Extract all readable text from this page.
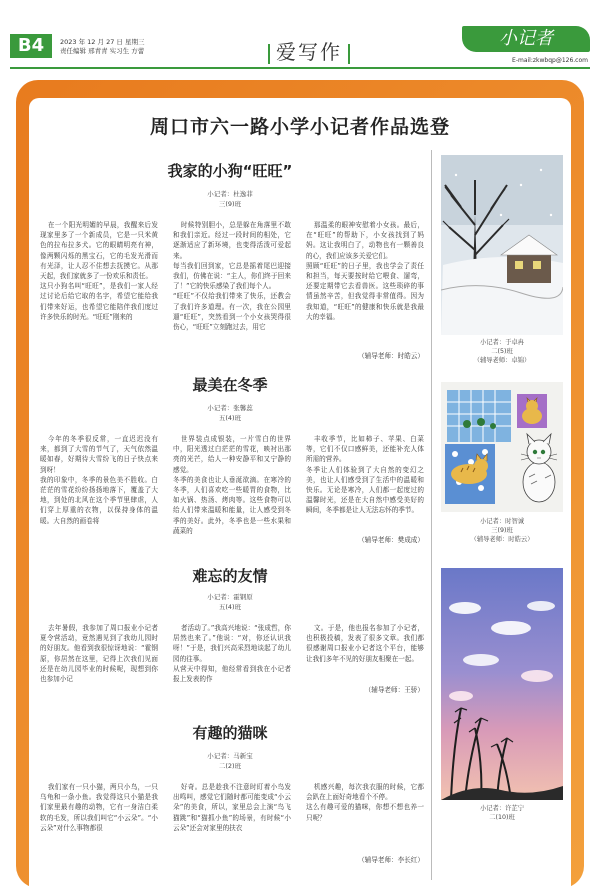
B4	2023 年 12 月 27 日 星期三
责任编辑 邢青青 实习生 方蕾	爱写作
小记者
E-mail:zkwbqp@126.com
周口市六一路小学小记者作品选登
我家的小狗“旺旺”
小记者：杜逸菲
三(9)班
在一个阳光明媚的早晨，我醒来后发现家里多了一个新成员，它是一只米黄色的拉布拉多犬。它的眼睛明亮有神，像两颗闪烁的黑宝石，它的毛发光滑而有光泽，让人忍不住想去抚摸它。从那天起，我们家就多了一份欢乐和责任。
这只小狗名叫“旺旺”，是我们一家人经过讨论后给它取的名字，希望它能给我们带来好运，也希望它能陪伴我们度过许多快乐的时光。“旺旺”刚来的
时候特别胆小，总是躲在角落里不敢和我们亲近。经过一段时间的相处，它逐渐适应了新环境，也变得活泼可爱起来。
每当我们回到家，它总是摇着尾巴迎接我们，仿佛在说：“主人，你们终于回来了！”它的快乐感染了我们每个人。
“旺旺”不仅给我们带来了快乐，还教会了我们许多道理。有一次，我在公园里遛“旺旺”，突然看到一个小女孩哭得很伤心，“旺旺”立刻跑过去，用它
那温柔的眼神安慰着小女孩。最后，在“旺旺”的帮助下，小女孩找到了妈妈。这让我明白了，动物也有一颗善良的心，我们应该多关爱它们。
照顾“旺旺”的日子里，我也学会了责任和担当，每天要按时给它喂食、遛弯，还要定期带它去看兽医。这些琐碎的事情虽然辛苦，但我觉得非常值得。因为我知道，“旺旺”的健康和快乐就是我最大的幸福。
（辅导老师：时皓云）
最美在冬季
小记者：张馨蕊
五(4)班
今年的冬季很反常，一直迟迟没有来，都到了大雪的节气了，天气依然温暖如春，好期待大雪纷飞的日子快点来到呀！
我的印象中，冬季的景色美不胜收。白茫茫的雪花纷纷扬扬地落下，覆盖了大地，到处的北风在这个季节里肆虐，人们穿上厚重的衣物，以保持身体的温暖。大自然的画卷将
世界装点成银装，一片雪白的世界中，阳光透过白茫茫的雪花，映衬出那亮的光芒，给人一种安静平和又宁静的感觉。
冬季的美食也让人垂涎欲滴。在寒冷的冬季，人们喜欢吃一些暖胃的食物，比如火锅、热汤、烤肉等。这些食物可以给人们带来温暖和能量，让人感受到冬季的美好。此外，冬季也是一些水果和蔬菜的
丰收季节，比如柿子、苹果、白菜等，它们不仅口感鲜美，还能补充人体所需的营养。
冬季让人们体验到了大自然的变幻之美，也让人们感受到了生活中的温暖和快乐。无论是寒冷，人们都一起度过的温馨时光，还是在大自然中感受美好的瞬间，冬季都是让人无法忘怀的季节。
（辅导老师：樊成成）
难忘的友情
小记者：霍钢原
五(4)班
去年暑假，我参加了周口报业小记者夏令营活动，竟然遇见到了我幼儿园时的好朋友。他看到我很惊讶地说：“霍钢原，你居然在这里，记得上次我们见面还是在幼儿园毕业的时候呢，现想到你也参加小记
者活动了。”我高兴地说：“张成哲，你居然也来了。”他说：“对，你还认识我呀！”于是，我们兴高采烈地谈起了幼儿园的往事。
从营天中得知，他经常看到我在小记者报上发表的作
文。于是，他也报名参加了小记者，也积极投稿，发表了很多文章。我们都很感谢周口报业小记者这个平台，能够让我们多年不见的好朋友相聚在一起。
（辅导老师：王骄）
有趣的猫咪
小记者：马新宝
二(2)班
我们家有一只小猫，两只小鸟，一只乌龟和一条小鱼。我觉得这只小猫是我们家里最有趣的动物，它有一身洁白柔软的毛发，所以我们叫它“小云朵”。“小云朵”对什么事物都很
好奇。总是趁我不注意时盯着小鸟发出鸣叫，感觉它们随时都可能变成“小云朵”的美食，所以，家里总会上演“鸟飞猫跳”和“猫抓小鱼”的场景，有时候“小云朵”还会对家里的扶衣
机感兴趣，每次我衣服的时候，它都会趴在上面好奇地看个不停。
这么有趣可爱的猫咪，你想不想也养一只呢？
（辅导老师：李长红）
小记者：于卓冉
二(5)班
（辅导老师：卓锦）
小记者：时智诚
三(9)班
（辅导老师：时皓云）
小记者：许芷宁
二(10)班
